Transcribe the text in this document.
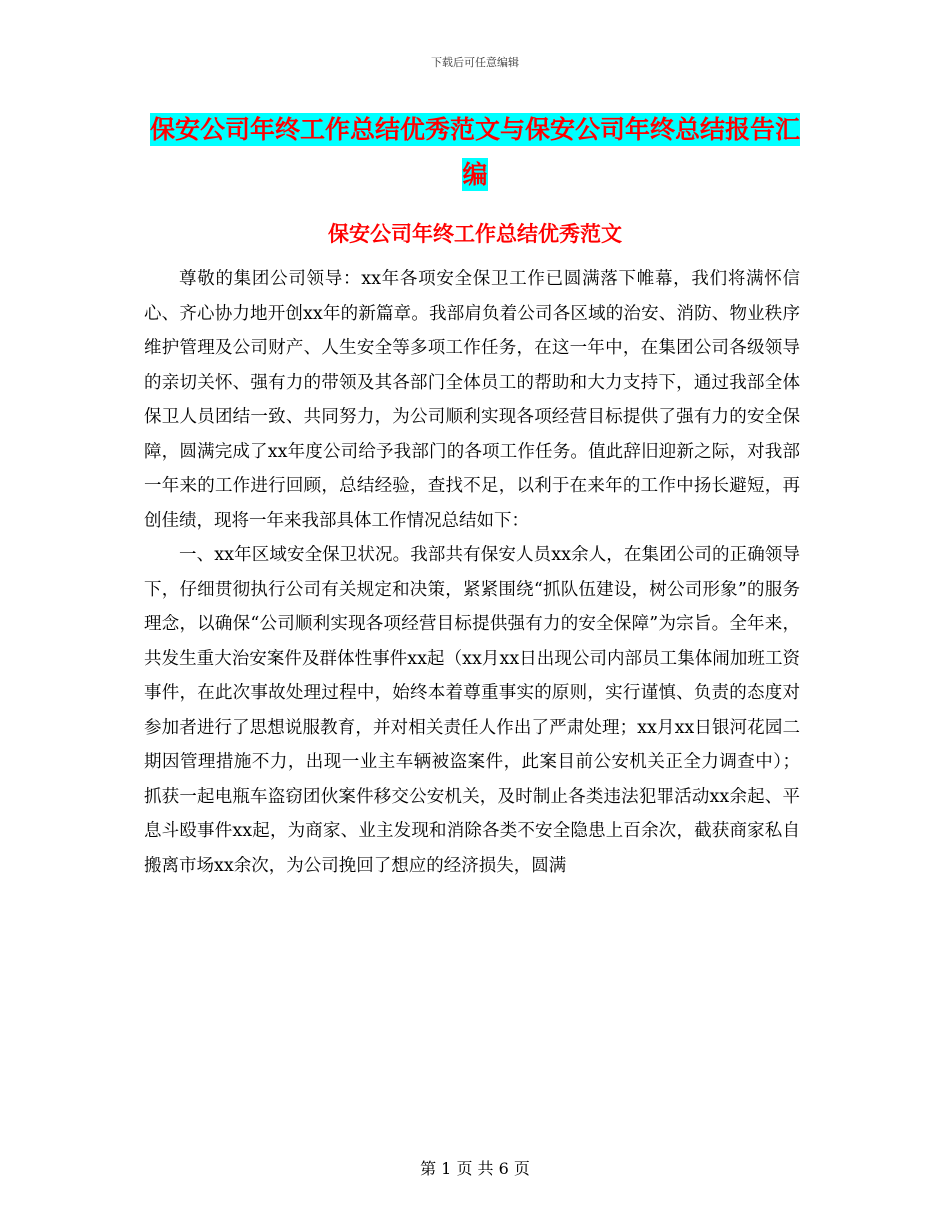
下载后可任意编辑
保安公司年终工作总结优秀范文与保安公司年终总结报告汇编
保安公司年终工作总结优秀范文

尊敬的集团公司领导：xx年各项安全保卫工作已圆满落下帷幕，我们将满怀信心、齐心协力地开创xx年的新篇章。我部肩负着公司各区域的治安、消防、物业秩序维护管理及公司财产、人生安全等多项工作任务，在这一年中，在集团公司各级领导的亲切关怀、强有力的带领及其各部门全体员工的帮助和大力支持下，通过我部全体保卫人员团结一致、共同努力，为公司顺利实现各项经营目标提供了强有力的安全保障，圆满完成了xx年度公司给予我部门的各项工作任务。值此辞旧迎新之际，对我部一年来的工作进行回顾，总结经验，查找不足，以利于在来年的工作中扬长避短，再创佳绩，现将一年来我部具体工作情况总结如下：

一、xx年区域安全保卫状况。我部共有保安人员xx余人，在集团公司的正确领导下，仔细贯彻执行公司有关规定和决策，紧紧围绕“抓队伍建设，树公司形象”的服务理念，以确保“公司顺利实现各项经营目标提供强有力的安全保障”为宗旨。全年来，共发生重大治安案件及群体性事件xx起（xx月xx日出现公司内部员工集体闹加班工资事件，在此次事故处理过程中，始终本着尊重事实的原则，实行谨慎、负责的态度对参加者进行了思想说服教育，并对相关责任人作出了严肃处理；xx月xx日银河花园二期因管理措施不力，出现一业主车辆被盗案件，此案目前公安机关正全力调查中）；抓获一起电瓶车盗窃团伙案件移交公安机关，及时制止各类违法犯罪活动xx余起、平息斗殴事件xx起，为商家、业主发现和消除各类不安全隐患上百余次，截获商家私自搬离市场xx余次，为公司挽回了想应的经济损失，圆满

第 1 页 共 6 页
